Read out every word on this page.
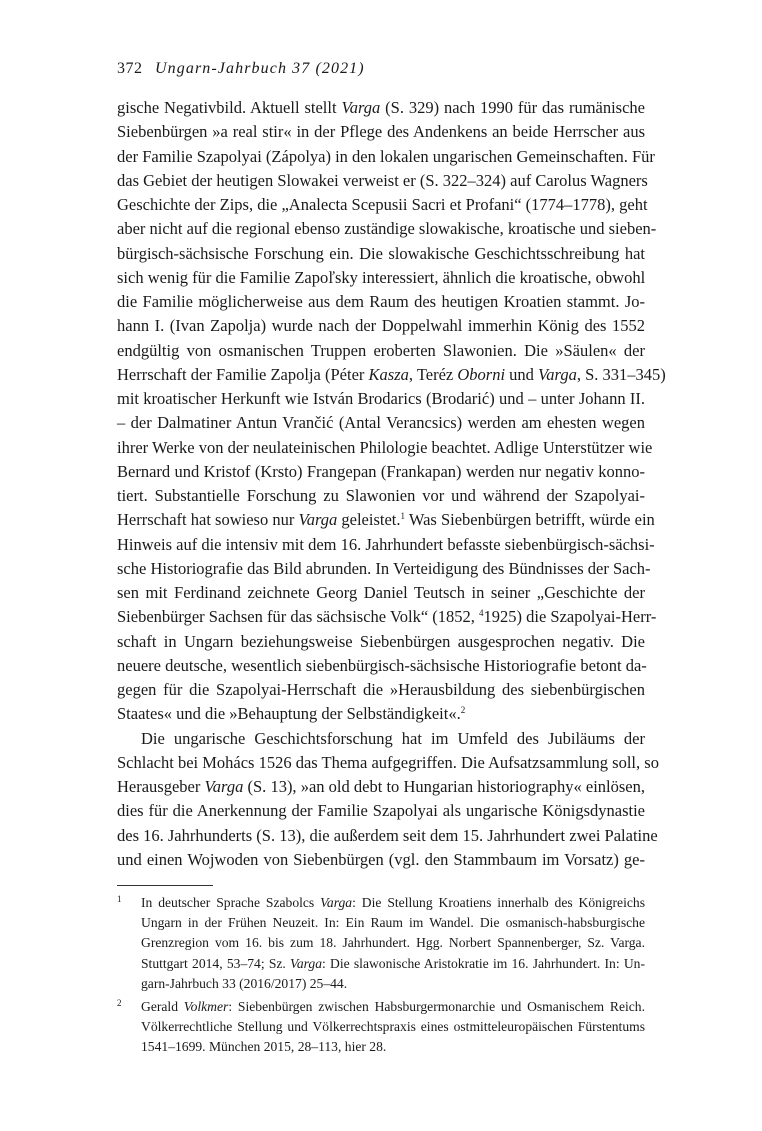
372 Ungarn-Jahrbuch 37 (2021)
gische Negativbild. Aktuell stellt Varga (S. 329) nach 1990 für das rumänische
Siebenbürgen »a real stir« in der Pflege des Andenkens an beide Herrscher aus
der Familie Szapolyai (Zápolya) in den lokalen ungarischen Gemeinschaften. Für
das Gebiet der heutigen Slowakei verweist er (S. 322–324) auf Carolus Wagners
Geschichte der Zips, die „Analecta Scepusii Sacri et Profani“ (1774–1778), geht
aber nicht auf die regional ebenso zuständige slowakische, kroatische und sieben-
bürgisch-sächsische Forschung ein. Die slowakische Geschichtsschreibung hat
sich wenig für die Familie Zapoľsky interessiert, ähnlich die kroatische, obwohl
die Familie möglicherweise aus dem Raum des heutigen Kroatien stammt. Jo-
hann I. (Ivan Zapolja) wurde nach der Doppelwahl immerhin König des 1552
endgültig von osmanischen Truppen eroberten Slawonien. Die »Säulen« der
Herrschaft der Familie Zapolja (Péter Kasza, Teréz Oborni und Varga, S. 331–345)
mit kroatischer Herkunft wie István Brodarics (Brodarić) und – unter Johann II.
– der Dalmatiner Antun Vrančić (Antal Verancsics) werden am ehesten wegen
ihrer Werke von der neulateinischen Philologie beachtet. Adlige Unterstützer wie
Bernard und Kristof (Krsto) Frangepan (Frankapan) werden nur negativ konno-
tiert. Substantielle Forschung zu Slawonien vor und während der Szapolyai-
Herrschaft hat sowieso nur Varga geleistet.$^1$ Was Siebenbürgen betrifft, würde ein
Hinweis auf die intensiv mit dem 16. Jahrhundert befasste siebenbürgisch-sächsi-
sche Historiografie das Bild abrunden. In Verteidigung des Bündnisses der Sach-
sen mit Ferdinand zeichnete Georg Daniel Teutsch in seiner „Geschichte der
Siebenbürger Sachsen für das sächsische Volk“ (1852, $^4$1925) die Szapolyai-Herr-
schaft in Ungarn beziehungsweise Siebenbürgen ausgesprochen negativ. Die
neuere deutsche, wesentlich siebenbürgisch-sächsische Historiografie betont da-
gegen für die Szapolyai-Herrschaft die »Herausbildung des siebenbürgischen
Staates« und die »Behauptung der Selbständigkeit«.$^2$
Die ungarische Geschichtsforschung hat im Umfeld des Jubiläums der
Schlacht bei Mohács 1526 das Thema aufgegriffen. Die Aufsatzsammlung soll, so
Herausgeber Varga (S. 13), »an old debt to Hungarian historiography« einlösen,
dies für die Anerkennung der Familie Szapolyai als ungarische Königsdynastie
des 16. Jahrhunderts (S. 13), die außerdem seit dem 15. Jahrhundert zwei Palatine
und einen Wojwoden von Siebenbürgen (vgl. den Stammbaum im Vorsatz) ge-
1 In deutscher Sprache Szabolcs Varga: Die Stellung Kroatiens innerhalb des Königreichs
Ungarn in der Frühen Neuzeit. In: Ein Raum im Wandel. Die osmanisch-habsburgische
Grenzregion vom 16. bis zum 18. Jahrhundert. Hgg. Norbert Spannenberger, Sz. Varga.
Stuttgart 2014, 53–74; Sz. Varga: Die slawonische Aristokratie im 16. Jahrhundert. In: Un-
garn-Jahrbuch 33 (2016/2017) 25–44.
2 Gerald Volkmer: Siebenbürgen zwischen Habsburgermonarchie und Osmanischem Reich.
Völkerrechtliche Stellung und Völkerrechtspraxis eines ostmitteleuropäischen Fürstentums
1541–1699. München 2015, 28–113, hier 28.
